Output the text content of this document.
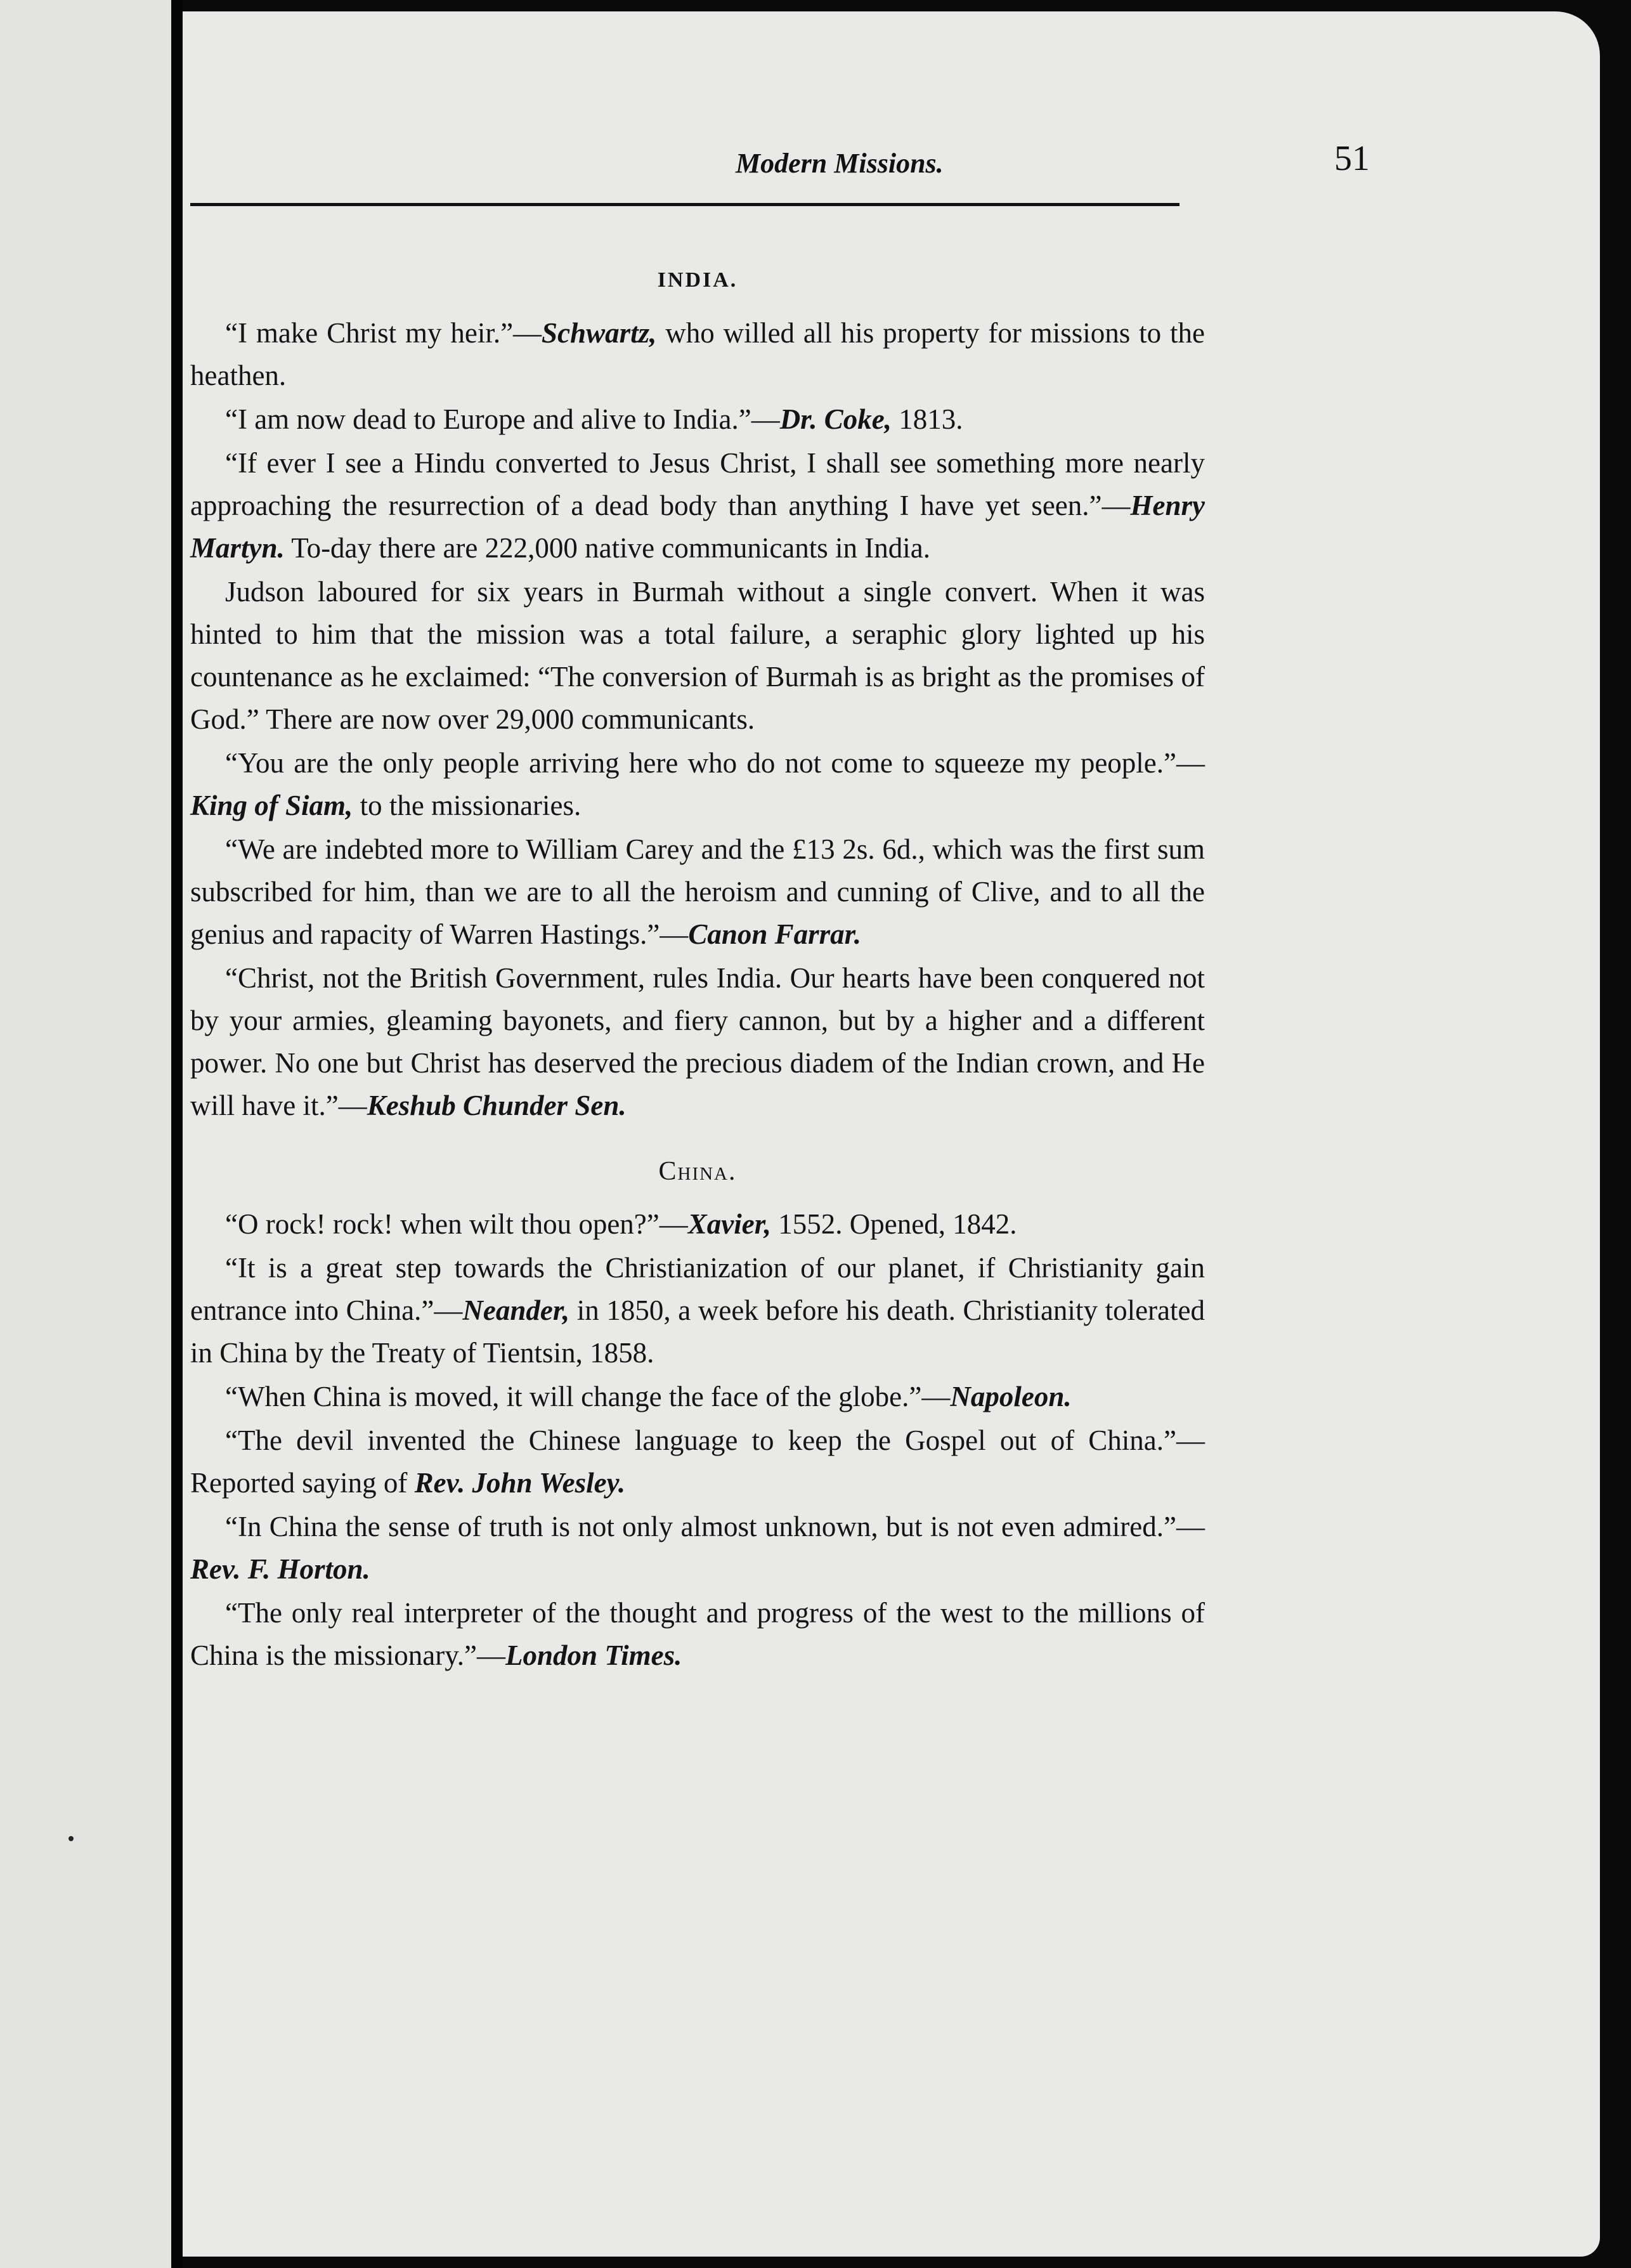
Modern Missions.	51
INDIA.

“I make Christ my heir.”—Schwartz, who willed all his property for missions to the heathen.

“I am now dead to Europe and alive to India.”—Dr. Coke, 1813.

“If ever I see a Hindu converted to Jesus Christ, I shall see something more nearly approaching the resurrection of a dead body than anything I have yet seen.”—Henry Martyn. To-day there are 222,000 native communicants in India.

Judson laboured for six years in Burmah without a single convert. When it was hinted to him that the mission was a total failure, a seraphic glory lighted up his countenance as he exclaimed: “The conversion of Burmah is as bright as the promises of God.” There are now over 29,000 communicants.

“You are the only people arriving here who do not come to squeeze my people.”—King of Siam, to the missionaries.

“We are indebted more to William Carey and the £13 2s. 6d., which was the first sum subscribed for him, than we are to all the heroism and cunning of Clive, and to all the genius and rapacity of Warren Hastings.”—Canon Farrar.

“Christ, not the British Government, rules India. Our hearts have been conquered not by your armies, gleaming bayonets, and fiery cannon, but by a higher and a different power. No one but Christ has deserved the precious diadem of the Indian crown, and He will have it.”—Keshub Chunder Sen.

China.

“O rock! rock! when wilt thou open?”—Xavier, 1552. Opened, 1842.

“It is a great step towards the Christianization of our planet, if Christianity gain entrance into China.”—Neander, in 1850, a week before his death. Christianity tolerated in China by the Treaty of Tientsin, 1858.

“When China is moved, it will change the face of the globe.”—Napoleon.

“The devil invented the Chinese language to keep the Gospel out of China.”—Reported saying of Rev. John Wesley.

“In China the sense of truth is not only almost unknown, but is not even admired.”—Rev. F. Horton.

“The only real interpreter of the thought and progress of the west to the millions of China is the missionary.”—London Times.
